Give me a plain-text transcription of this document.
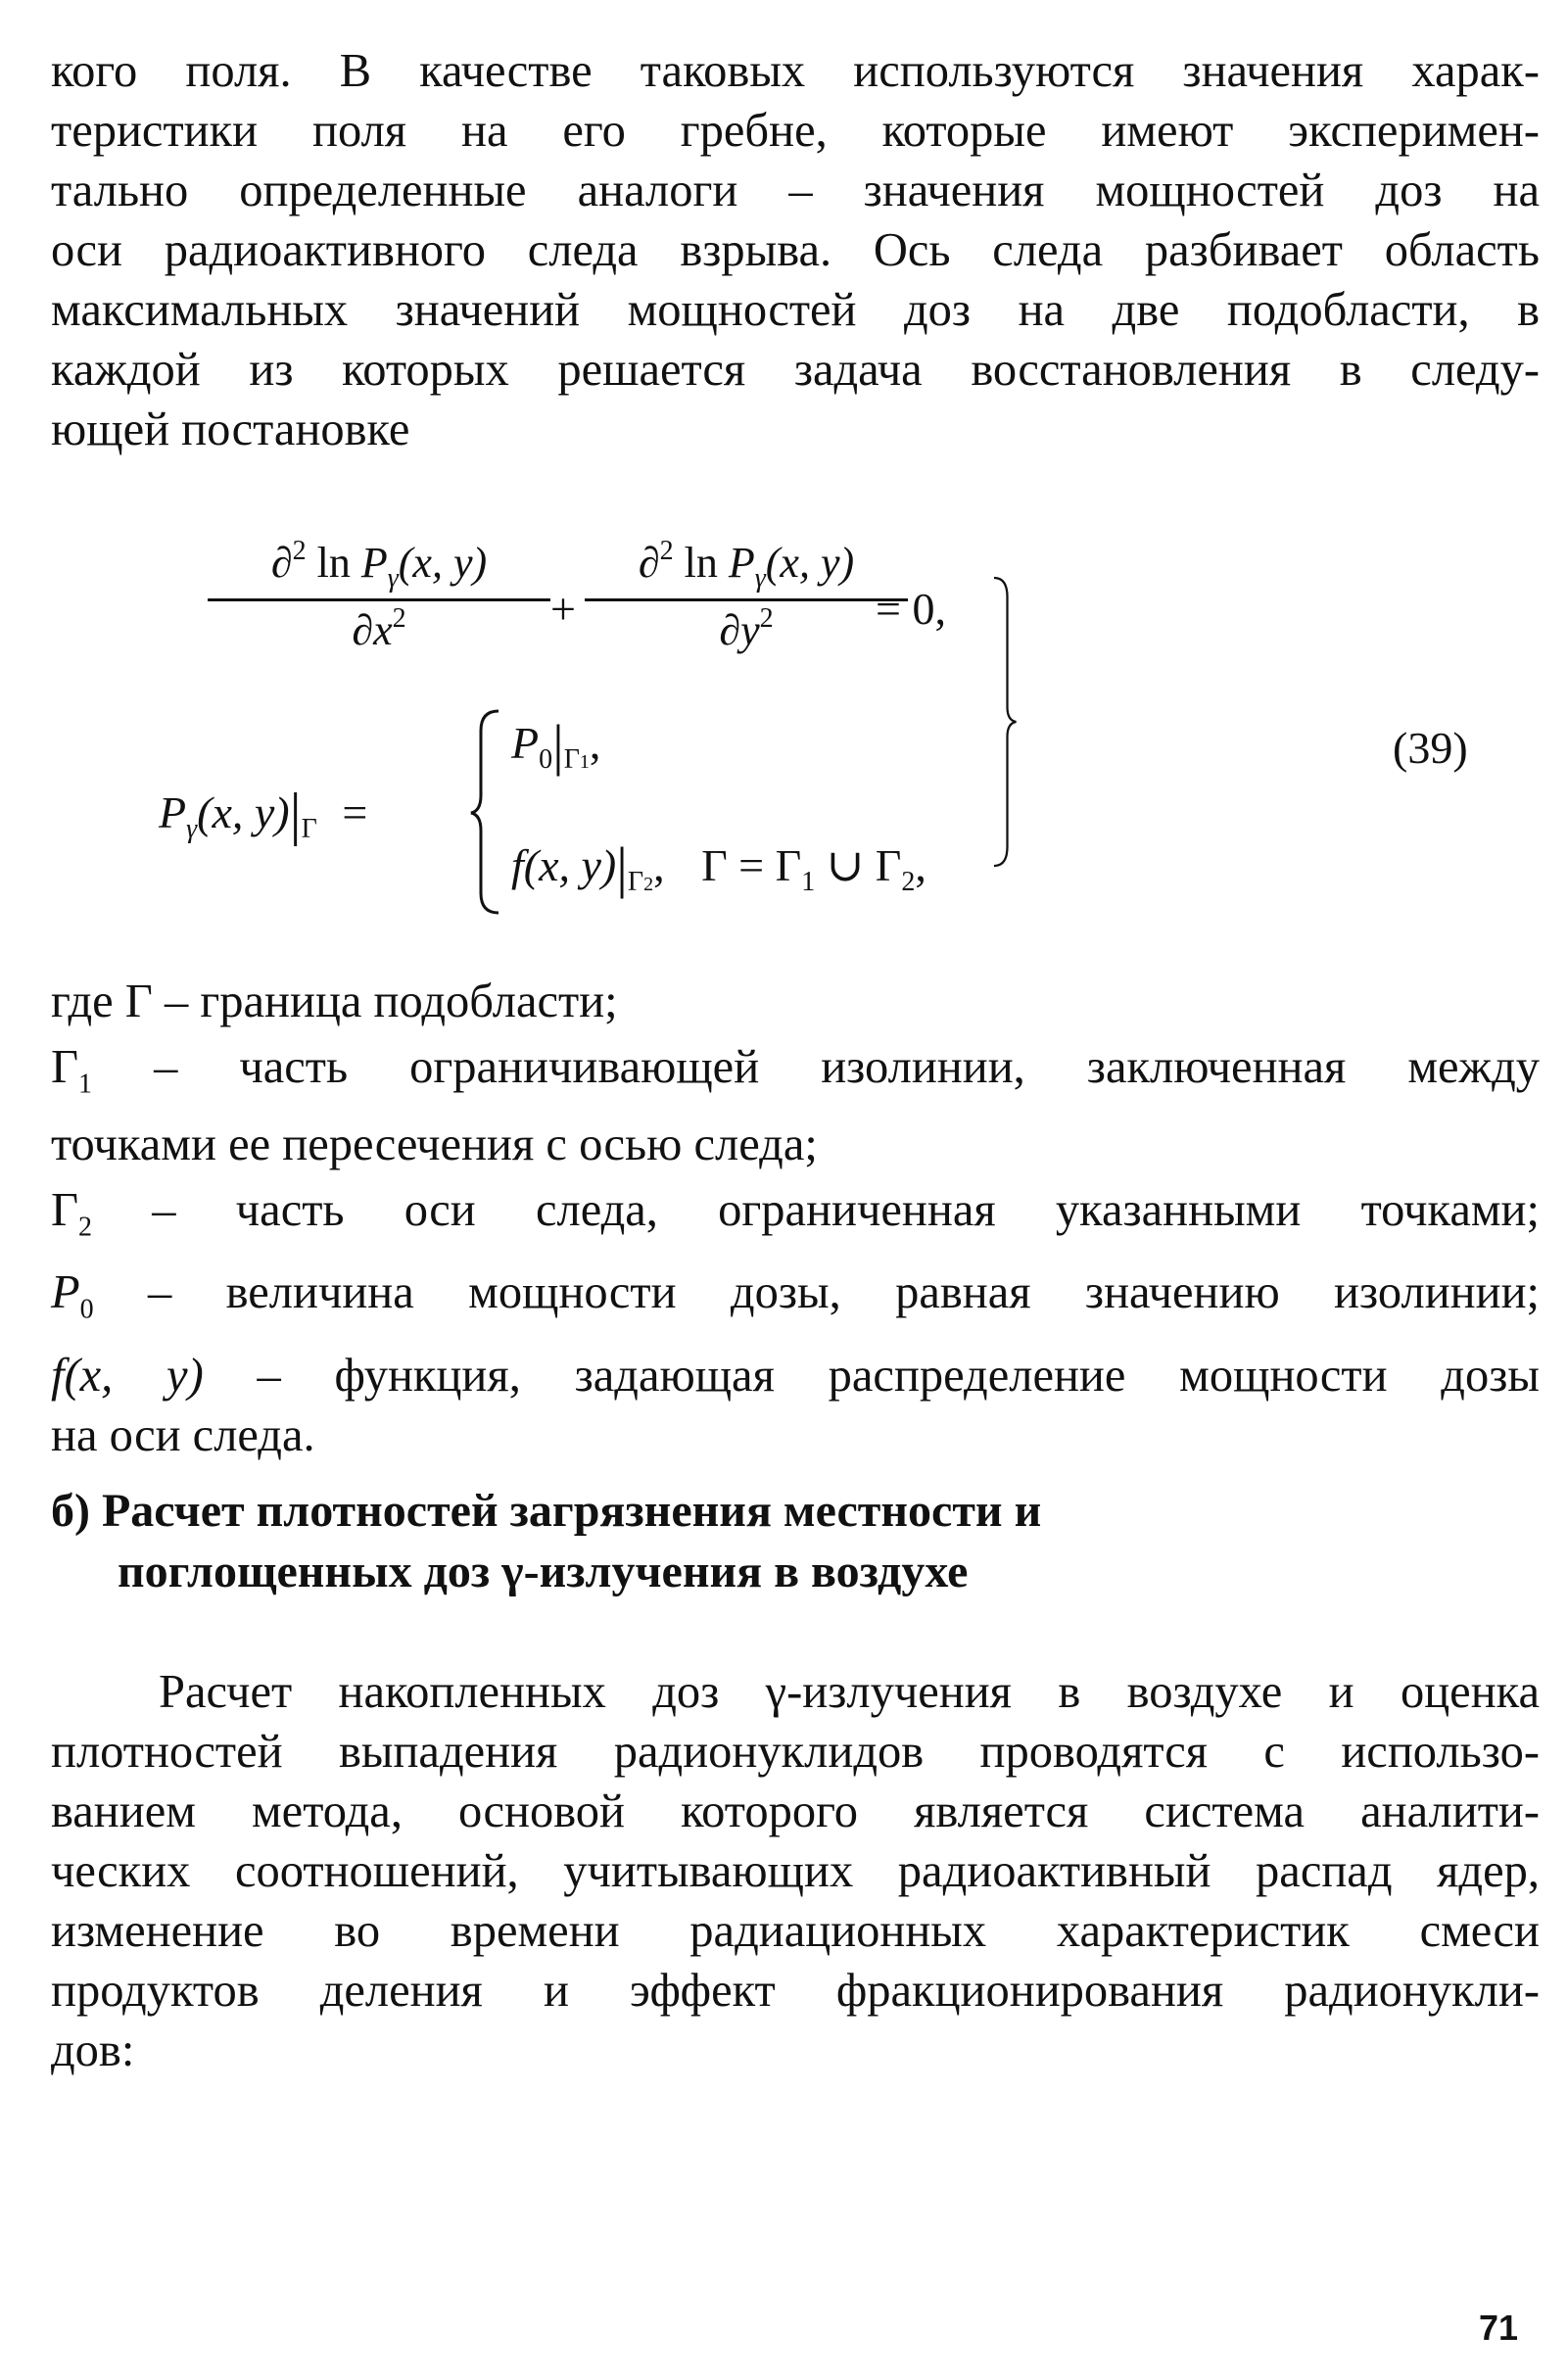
кого поля. В качестве таковых используются значения харак-
теристики поля на его гребне, которые имеют эксперимен-
тально определенные аналоги – значения мощностей доз на
оси радиоактивного следа взрыва. Ось следа разбивает область
максимальных значений мощностей доз на две подобласти, в
каждой из которых решается задача восстановления в следу-
ющей постановке
∂$^2$ $\ln P_\gamma(x$, y)
$\partial x^2$	+
∂$^2$ $\ln P_\gamma(x$, y)
$\partial y^2$	= 0,
$P_\gamma(x$, $y)|_\Gamma$ =
$P_0|_{\Gamma 1}$,
f(x, $y)|_{\Gamma 2}$, $\Gamma = \Gamma_1$ ∪ $\Gamma_2$,
(39)
где Γ – граница подобласти;
$\Gamma_1$ – часть ограничивающей изолинии, заключенная между
точками ее пересечения с осью следа;
$\Gamma_2$ – часть оси следа, ограниченная указанными точками;
$P_0$ – величина мощности дозы, равная значению изолинии;
f(x, y) – функция, задающая распределение мощности дозы
на оси следа.
б) Расчет плотностей загрязнения местности и
поглощенных доз γ-излучения в воздухе
Расчет накопленных доз γ-излучения в воздухе и оценка
плотностей выпадения радионуклидов проводятся с использо-
ванием метода, основой которого является система аналити-
ческих соотношений, учитывающих радиоактивный распад ядер,
изменение во времени радиационных характеристик смеси
продуктов деления и эффект фракционирования радионукли-
дов:
71
